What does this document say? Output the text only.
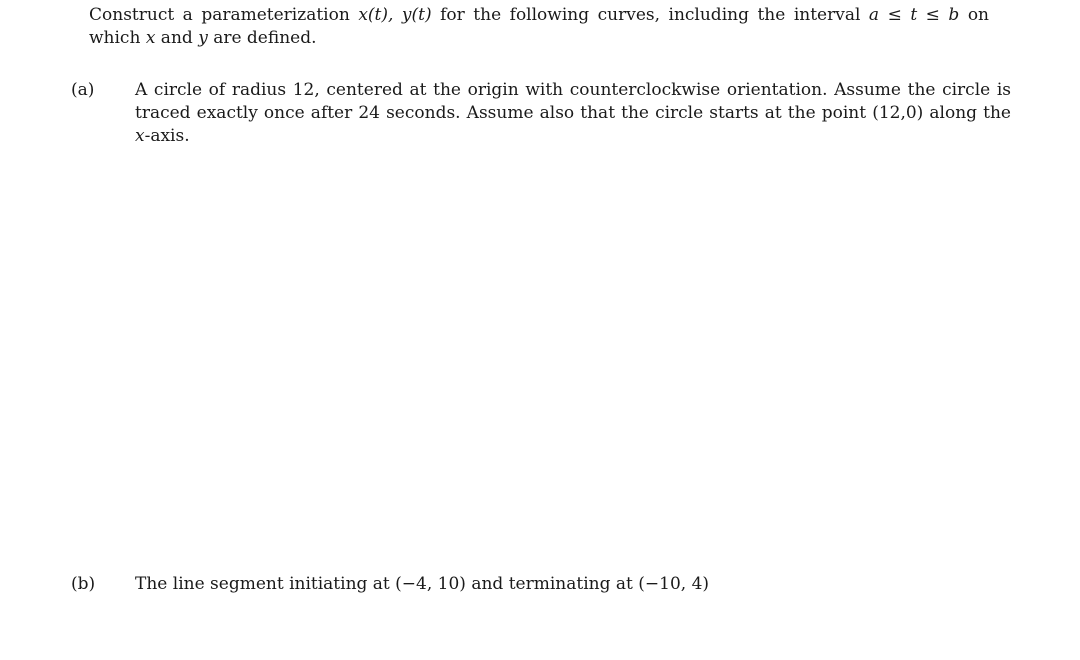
Construct a parameterization x(t), y(t) for the following curves, including the interval a ≤ t ≤ b on which x and y are defined.
(a) A circle of radius 12, centered at the origin with counterclockwise orientation. Assume the circle is traced exactly once after 24 seconds. Assume also that the circle starts at the point (12,0) along the x-axis.
(b) The line segment initiating at (−4, 10) and terminating at (−10, 4)
